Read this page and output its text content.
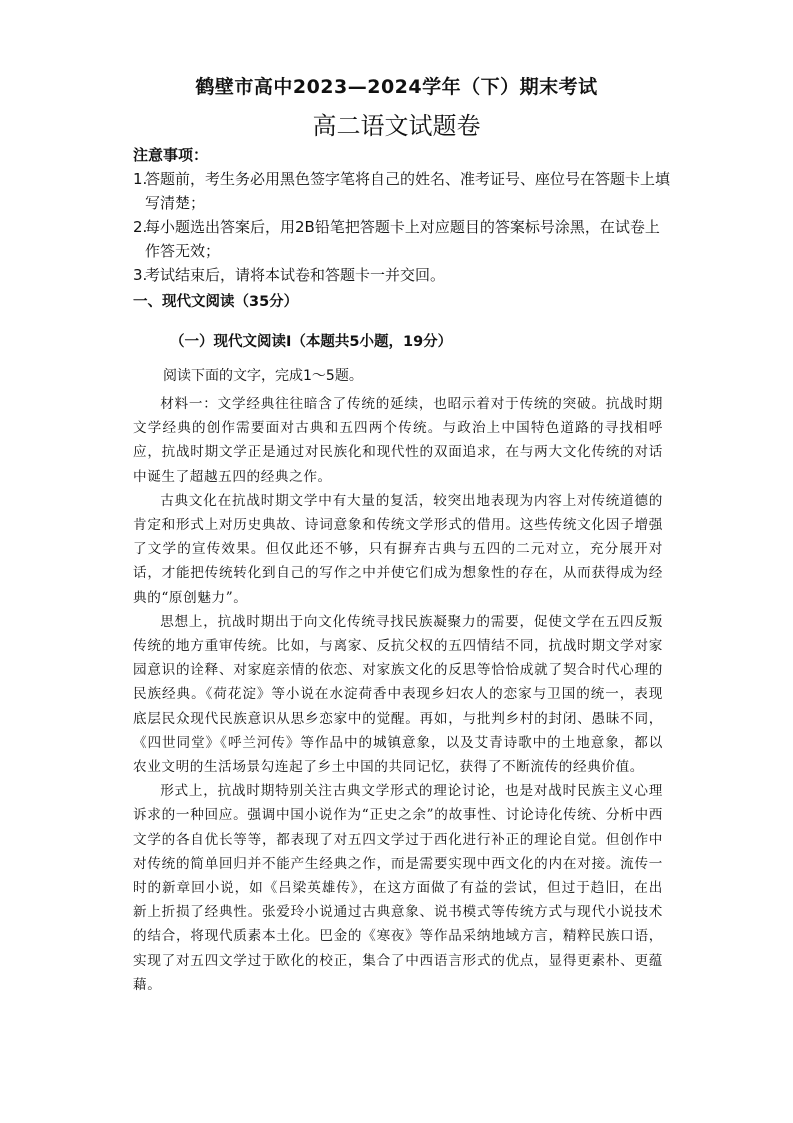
鹤壁市高中2023—2024学年（下）期末考试
高二语文试题卷
注意事项：
1.
答题前，考生务必用黑色签字笔将自己的姓名、准考证号、座位号在答题卡上填写清楚；
2.
每小题选出答案后，用2B铅笔把答题卡上对应题目的答案标号涂黑，在试卷上作答无效；
3.
考试结束后，请将本试卷和答题卡一并交回。
一、现代文阅读（35分）
（一）现代文阅读Ⅰ（本题共5小题，19分）
阅读下面的文字，完成1～5题。

材料一：文学经典往往暗含了传统的延续，也昭示着对于传统的突破。抗战时期文学经典的创作需要面对古典和五四两个传统。与政治上中国特色道路的寻找相呼应，抗战时期文学正是通过对民族化和现代性的双面追求，在与两大文化传统的对话中诞生了超越五四的经典之作。

古典文化在抗战时期文学中有大量的复活，较突出地表现为内容上对传统道德的肯定和形式上对历史典故、诗词意象和传统文学形式的借用。这些传统文化因子增强了文学的宣传效果。但仅此还不够，只有摒弃古典与五四的二元对立，充分展开对话，才能把传统转化到自己的写作之中并使它们成为想象性的存在，从而获得成为经典的“原创魅力”。

思想上，抗战时期出于向文化传统寻找民族凝聚力的需要，促使文学在五四反叛传统的地方重审传统。比如，与离家、反抗父权的五四情结不同，抗战时期文学对家园意识的诠释、对家庭亲情的依恋、对家族文化的反思等恰恰成就了契合时代心理的民族经典。《荷花淀》等小说在水淀荷香中表现乡妇农人的恋家与卫国的统一，表现底层民众现代民族意识从思乡恋家中的觉醒。再如，与批判乡村的封闭、愚昧不同，《四世同堂》《呼兰河传》等作品中的城镇意象，以及艾青诗歌中的土地意象，都以农业文明的生活场景勾连起了乡土中国的共同记忆，获得了不断流传的经典价值。

形式上，抗战时期特别关注古典文学形式的理论讨论，也是对战时民族主义心理诉求的一种回应。强调中国小说作为“正史之余”的故事性、讨论诗化传统、分析中西文学的各自优长等等，都表现了对五四文学过于西化进行补正的理论自觉。但创作中对传统的简单回归并不能产生经典之作，而是需要实现中西文化的内在对接。流传一时的新章回小说，如《吕梁英雄传》，在这方面做了有益的尝试，但过于趋旧，在出新上折损了经典性。张爱玲小说通过古典意象、说书模式等传统方式与现代小说技术的结合，将现代质素本土化。巴金的《寒夜》等作品采纳地域方言，精粹民族口语，实现了对五四文学过于欧化的校正，集合了中西语言形式的优点，显得更素朴、更蕴藉。
